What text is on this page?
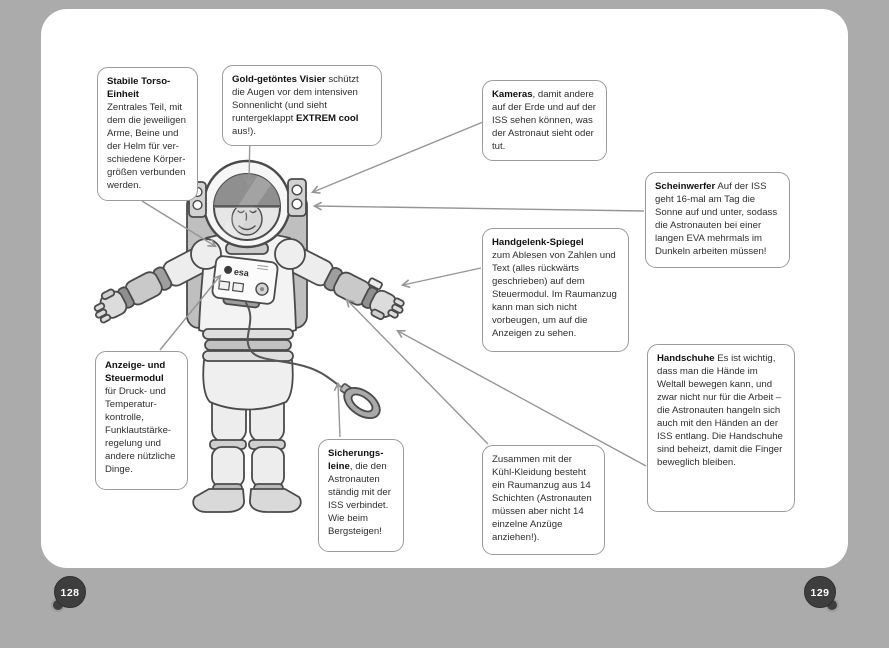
esa
128	129
Stabile Torso-Einheit
Zentrales Teil, mit dem die jeweiligen Arme, Beine und der Helm für verschiedene Körpergrößen verbunden werden.
Gold-getöntes Visier schützt die Augen vor dem intensiven Sonnenlicht (und sieht runtergeklappt EXTREM cool aus!).
Kameras, damit andere auf der Erde und auf der ISS sehen können, was der Astronaut sieht oder tut.
Scheinwerfer Auf der ISS geht 16-mal am Tag die Sonne auf und unter, sodass die Astronauten bei einer langen EVA mehrmals im Dunkeln arbeiten müssen!
Handgelenk-Spiegel
zum Ablesen von Zahlen und Text (alles rückwärts geschrieben) auf dem Steuermodul. Im Raumanzug kann man sich nicht vorbeugen, um auf die Anzeigen zu sehen.
Handschuhe Es ist wichtig, dass man die Hände im Weltall bewegen kann, und zwar nicht nur für die Arbeit – die Astronauten hangeln sich auch mit den Händen an der ISS entlang. Die Handschuhe sind beheizt, damit die Finger beweglich bleiben.
Anzeige- und Steuermodul
für Druck- und Temperaturkontrolle, Funklautstärkeregelung und andere nützliche Dinge.
Sicherungsleine, die den Astronauten ständig mit der ISS verbindet. Wie beim Bergsteigen!
Zusammen mit der Kühl-Kleidung besteht ein Raumanzug aus 14 Schichten (Astronauten müssen aber nicht 14 einzelne Anzüge anziehen!).
